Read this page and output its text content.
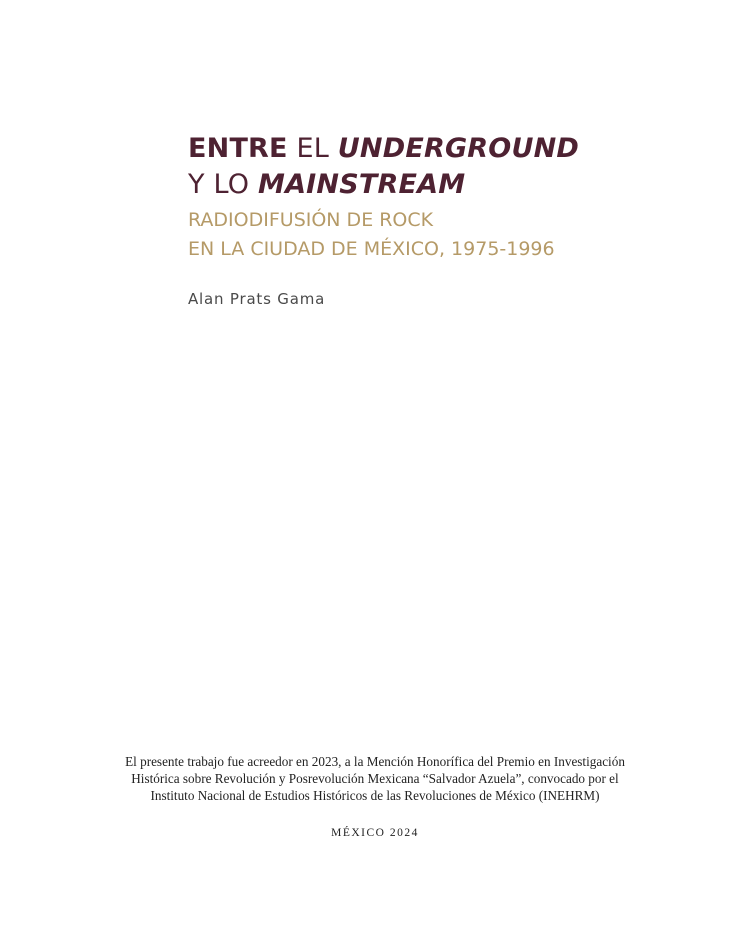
ENTRE EL UNDERGROUND
Y LO MAINSTREAM
RADIODIFUSIÓN DE ROCK
EN LA CIUDAD DE MÉXICO, 1975-1996
Alan Prats Gama
El presente trabajo fue acreedor en 2023, a la Mención Honorífica del Premio en Investigación
Histórica sobre Revolución y Posrevolución Mexicana “Salvador Azuela”, convocado por el
Instituto Nacional de Estudios Históricos de las Revoluciones de México (INEHRM)
MÉXICO 2024
